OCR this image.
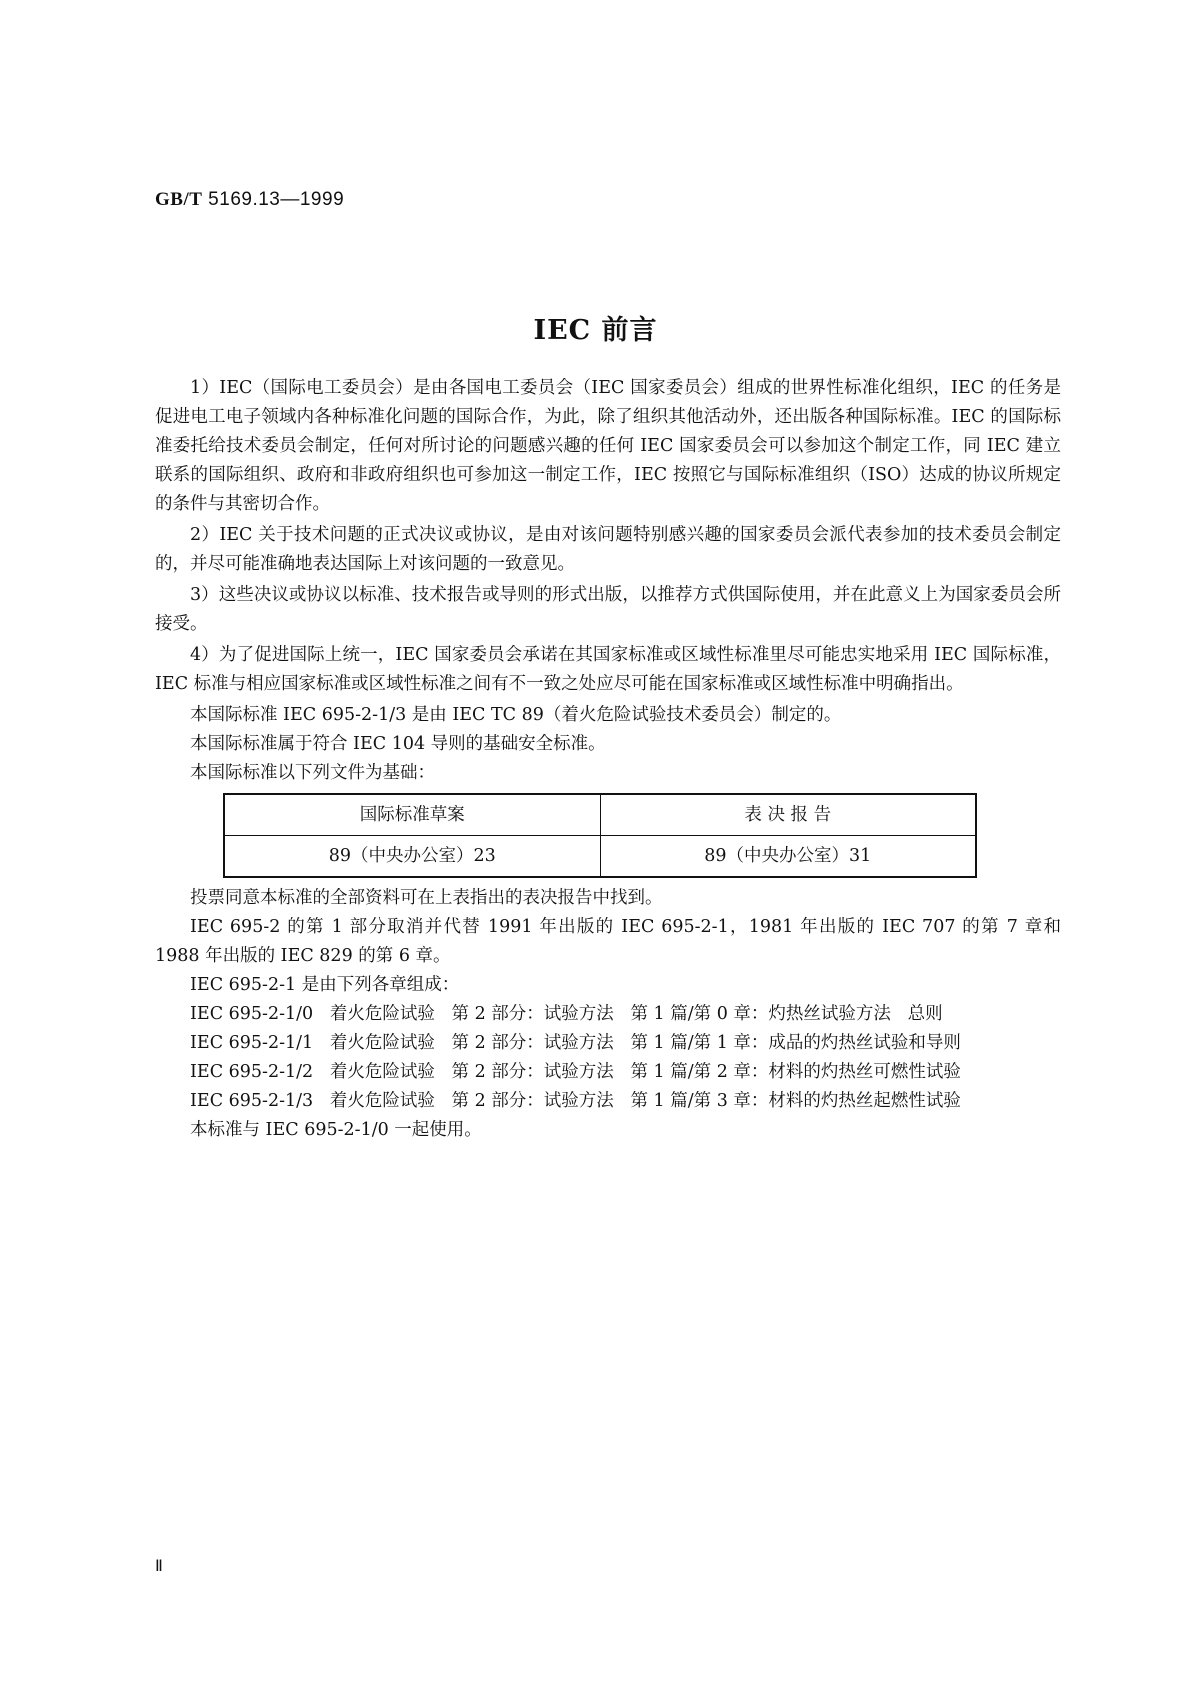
GB/T 5169.13—1999
IEC 前言

1）IEC（国际电工委员会）是由各国电工委员会（IEC 国家委员会）组成的世界性标准化组织，IEC 的任务是促进电工电子领域内各种标准化问题的国际合作，为此，除了组织其他活动外，还出版各种国际标准。IEC 的国际标准委托给技术委员会制定，任何对所讨论的问题感兴趣的任何 IEC 国家委员会可以参加这个制定工作，同 IEC 建立联系的国际组织、政府和非政府组织也可参加这一制定工作，IEC 按照它与国际标准组织（ISO）达成的协议所规定的条件与其密切合作。

2）IEC 关于技术问题的正式决议或协议，是由对该问题特别感兴趣的国家委员会派代表参加的技术委员会制定的，并尽可能准确地表达国际上对该问题的一致意见。

3）这些决议或协议以标准、技术报告或导则的形式出版，以推荐方式供国际使用，并在此意义上为国家委员会所接受。

4）为了促进国际上统一，IEC 国家委员会承诺在其国家标准或区域性标准里尽可能忠实地采用 IEC 国际标准，IEC 标准与相应国家标准或区域性标准之间有不一致之处应尽可能在国家标准或区域性标准中明确指出。

本国际标准 IEC 695-2-1/3 是由 IEC TC 89（着火危险试验技术委员会）制定的。

本国际标准属于符合 IEC 104 导则的基础安全标准。

本国际标准以下列文件为基础：

国际标准草案	表 决 报 告
89（中央办公室）23	89（中央办公室）31

投票同意本标准的全部资料可在上表指出的表决报告中找到。

IEC 695-2 的第 1 部分取消并代替 1991 年出版的 IEC 695-2-1，1981 年出版的 IEC 707 的第 7 章和 1988 年出版的 IEC 829 的第 6 章。

IEC 695-2-1 是由下列各章组成：

IEC 695-2-1/0   着火危险试验   第 2 部分：试验方法   第 1 篇/第 0 章：灼热丝试验方法   总则
IEC 695-2-1/1   着火危险试验   第 2 部分：试验方法   第 1 篇/第 1 章：成品的灼热丝试验和导则
IEC 695-2-1/2   着火危险试验   第 2 部分：试验方法   第 1 篇/第 2 章：材料的灼热丝可燃性试验
IEC 695-2-1/3   着火危险试验   第 2 部分：试验方法   第 1 篇/第 3 章：材料的灼热丝起燃性试验

本标准与 IEC 695-2-1/0 一起使用。

Ⅱ
